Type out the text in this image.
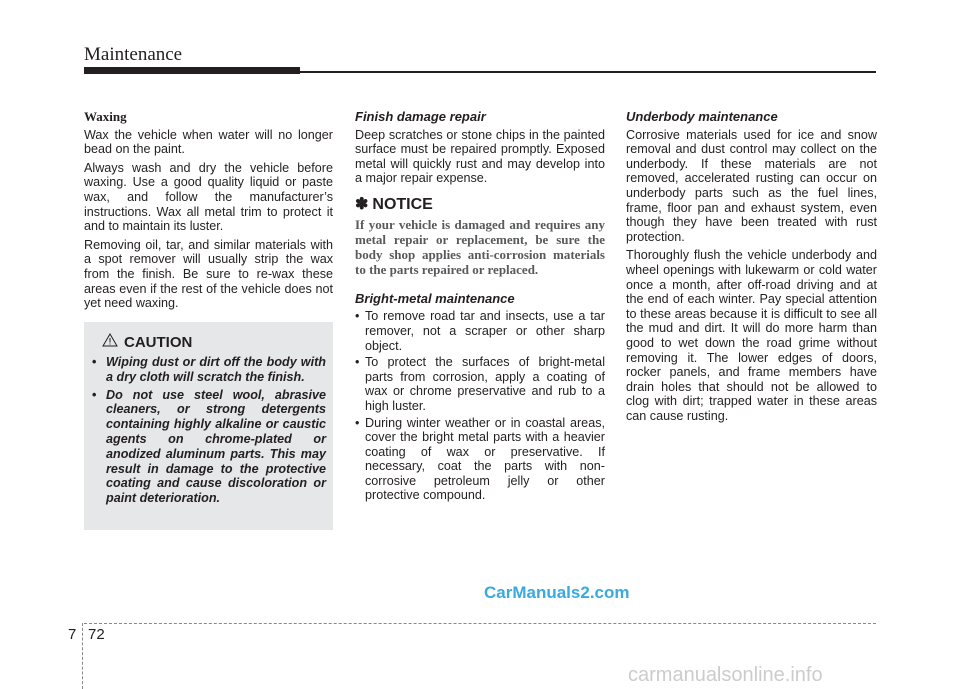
Maintenance
Waxing

Wax the vehicle when water will no longer bead on the paint.

Always wash and dry the vehicle before waxing. Use a good quality liquid or paste wax, and follow the manufacturer’s instructions. Wax all metal trim to protect it and to maintain its luster.

Removing oil, tar, and similar materials with a spot remover will usually strip the wax from the finish. Be sure to re-wax these areas even if the rest of the vehicle does not yet need waxing.

CAUTION
• Wiping dust or dirt off the body with a dry cloth will scratch the finish.
• Do not use steel wool, abrasive cleaners, or strong detergents containing highly alkaline or caustic agents on chrome-plated or anodized aluminum parts. This may result in damage to the protective coating and cause discoloration or paint deterioration.
Finish damage repair

Deep scratches or stone chips in the painted surface must be repaired promptly. Exposed metal will quickly rust and may develop into a major repair expense.

✽ NOTICE
If your vehicle is damaged and requires any metal repair or replacement, be sure the body shop applies anti-corrosion materials to the parts repaired or replaced.
Bright-metal maintenance
• To remove road tar and insects, use a tar remover, not a scraper or other sharp object.
• To protect the surfaces of bright-metal parts from corrosion, apply a coating of wax or chrome preservative and rub to a high luster.
• During winter weather or in coastal areas, cover the bright metal parts with a heavier coating of wax or preservative. If necessary, coat the parts with non-corrosive petroleum jelly or other protective compound.
Underbody maintenance

Corrosive materials used for ice and snow removal and dust control may collect on the underbody. If these materials are not removed, accelerated rusting can occur on underbody parts such as the fuel lines, frame, floor pan and exhaust system, even though they have been treated with rust protection.

Thoroughly flush the vehicle underbody and wheel openings with lukewarm or cold water once a month, after off-road driving and at the end of each winter. Pay special attention to these areas because it is difficult to see all the mud and dirt. It will do more harm than good to wet down the road grime without removing it. The lower edges of doors, rocker panels, and frame members have drain holes that should not be allowed to clog with dirt; trapped water in these areas can cause rusting.

CarManuals2.com
7 72
carmanualsonline.info
